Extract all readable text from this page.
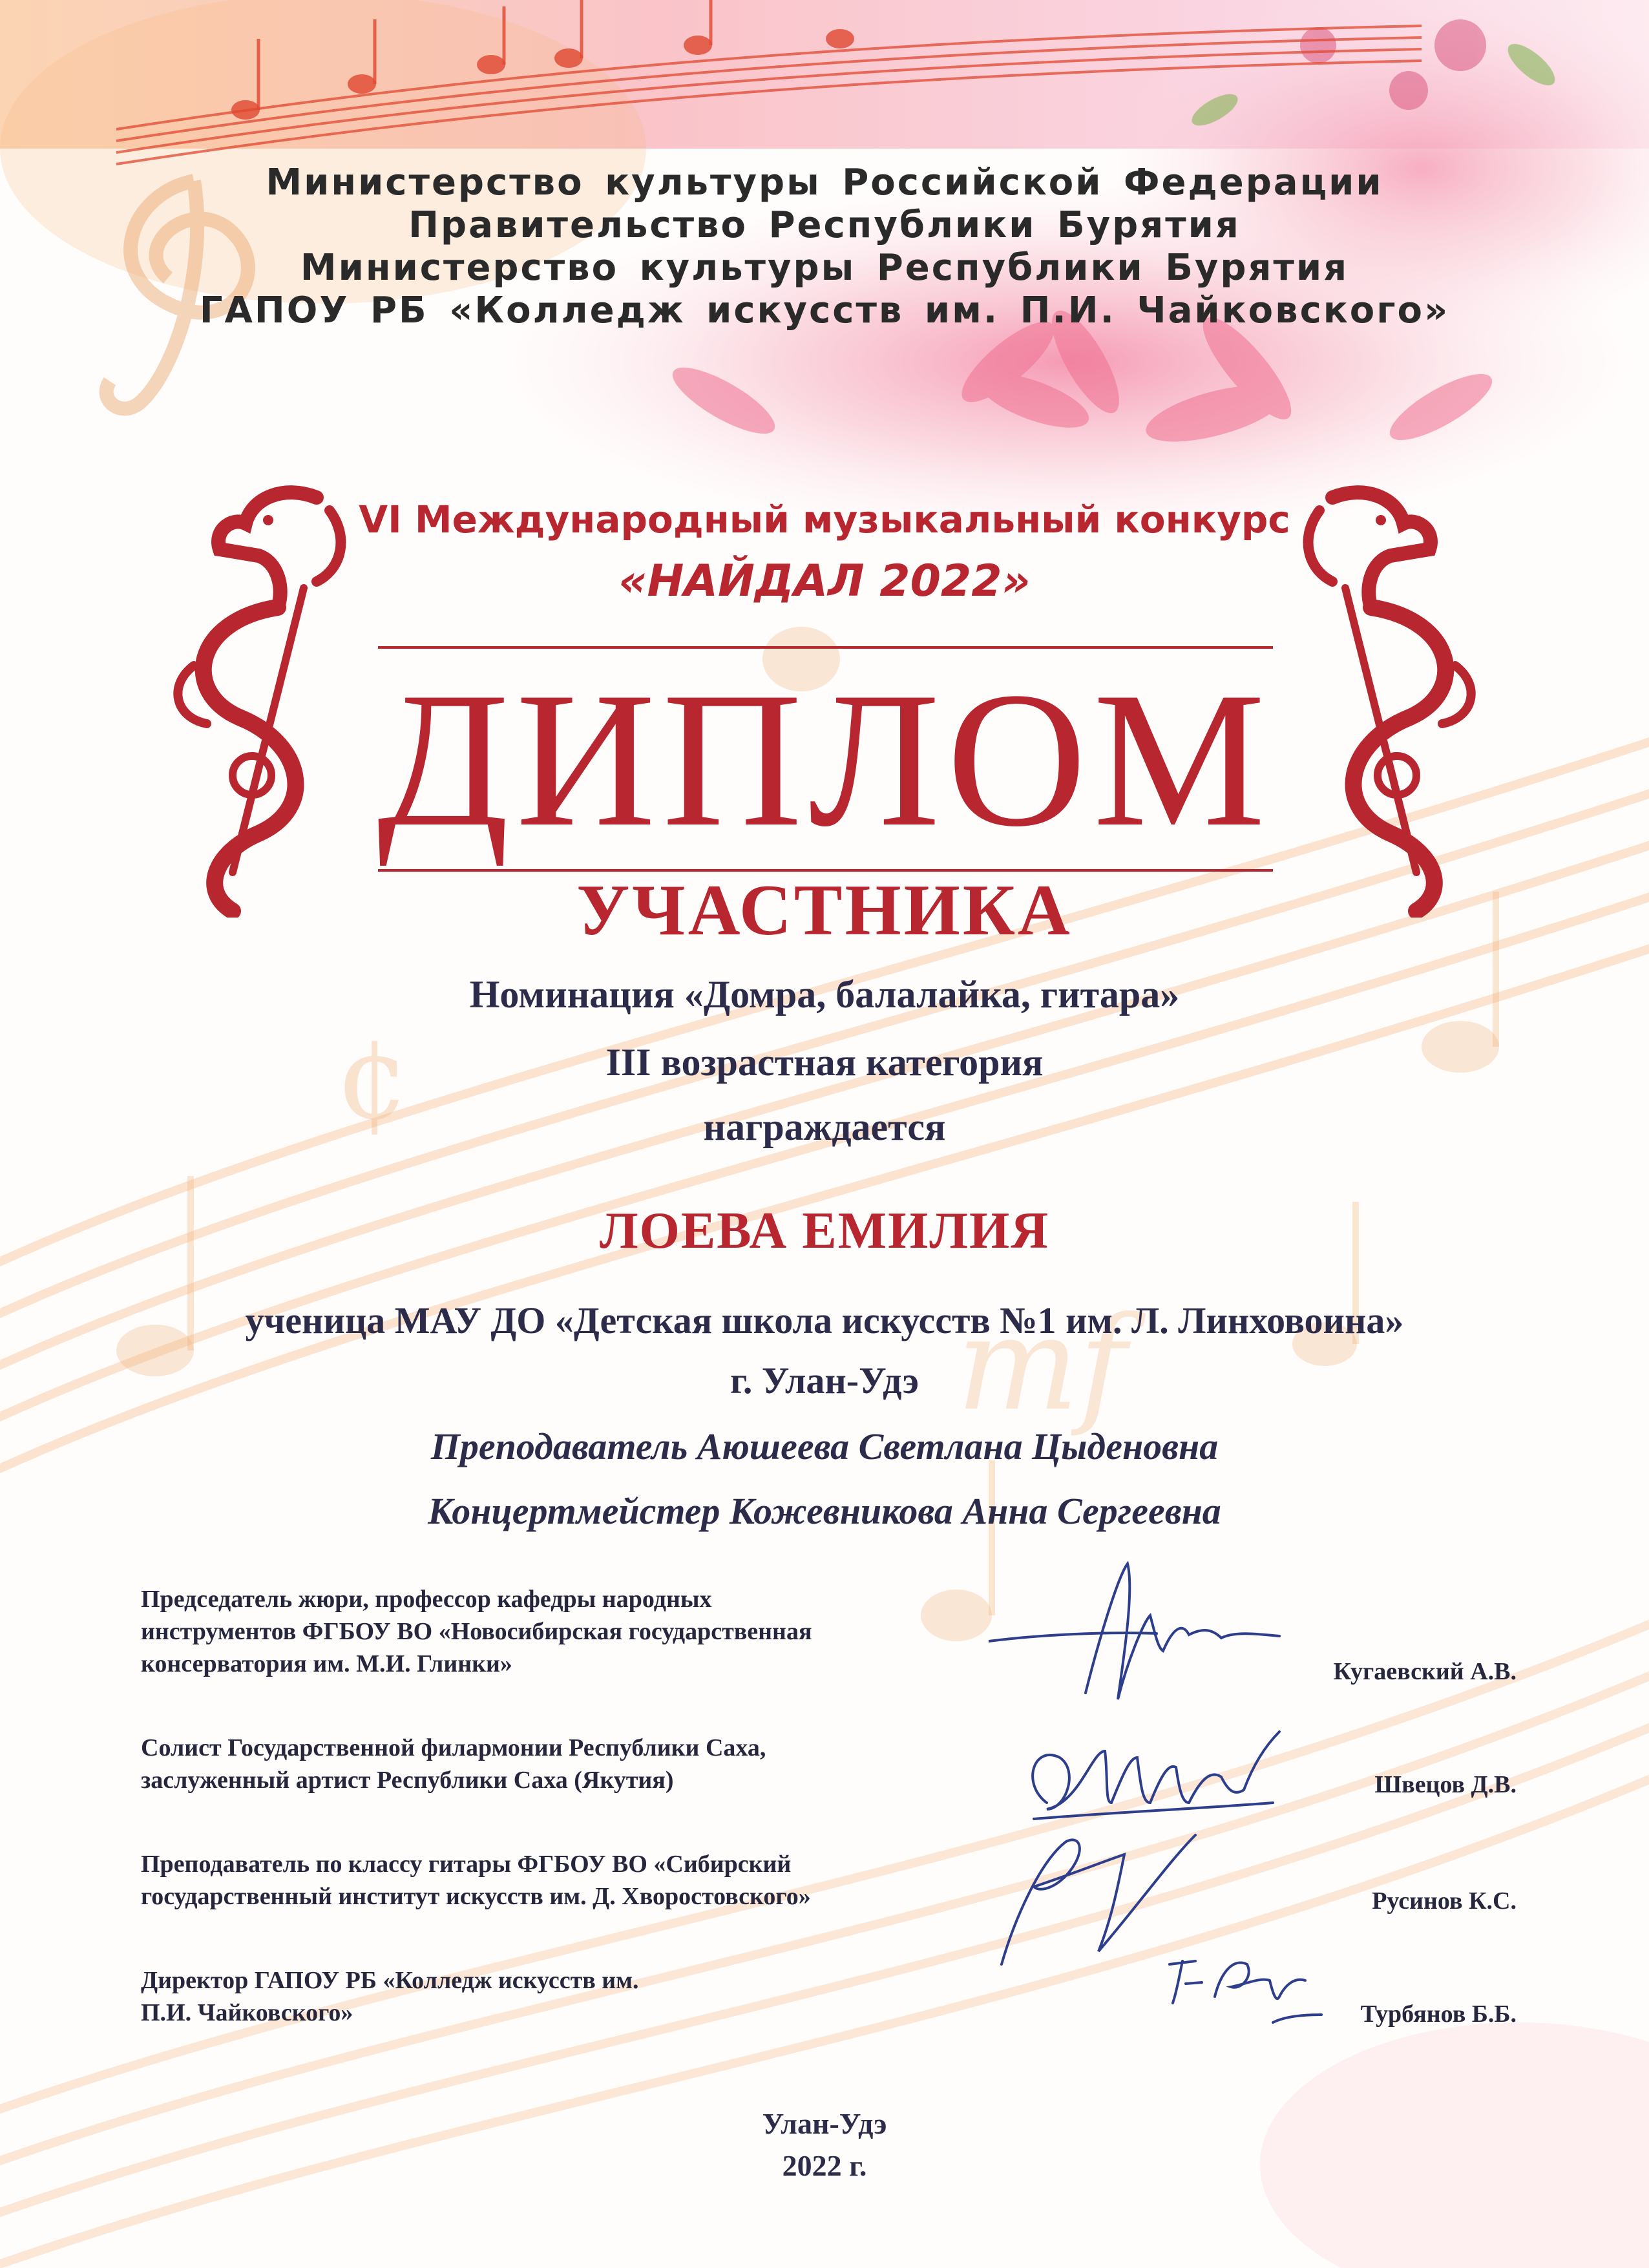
¢
mf
Министерство культуры Российской Федерации
Правительство Республики Бурятия
Министерство культуры Республики Бурятия
ГАПОУ РБ «Колледж искусств им. П.И. Чайковского»
VI Международный музыкальный конкурс
«НАЙДАЛ 2022»
ДИПЛОМ
УЧАСТНИКА
Номинация «Домра, балалайка, гитара»
III возрастная категория
награждается
ЛОЕВА ЕМИЛИЯ
ученица МАУ ДО «Детская школа искусств №1 им. Л. Линховоина»
г. Улан-Удэ
Преподаватель Аюшеева Светлана Цыденовна
Концертмейстер Кожевникова Анна Сергеевна
Председатель жюри, профессор кафедры народных
инструментов ФГБОУ ВО «Новосибирская государственная
консерватория им. М.И. Глинки»	Кугаевский А.В.
Солист Государственной филармонии Республики Саха,
заслуженный артист Республики Саха (Якутия)	Швецов Д.В.
Преподаватель по классу гитары ФГБОУ ВО «Сибирский
государственный институт искусств им. Д. Хворостовского»	Русинов К.С.
Директор ГАПОУ РБ «Колледж искусств им.
П.И. Чайковского»	Турбянов Б.Б.
Улан-Удэ
2022 г.
